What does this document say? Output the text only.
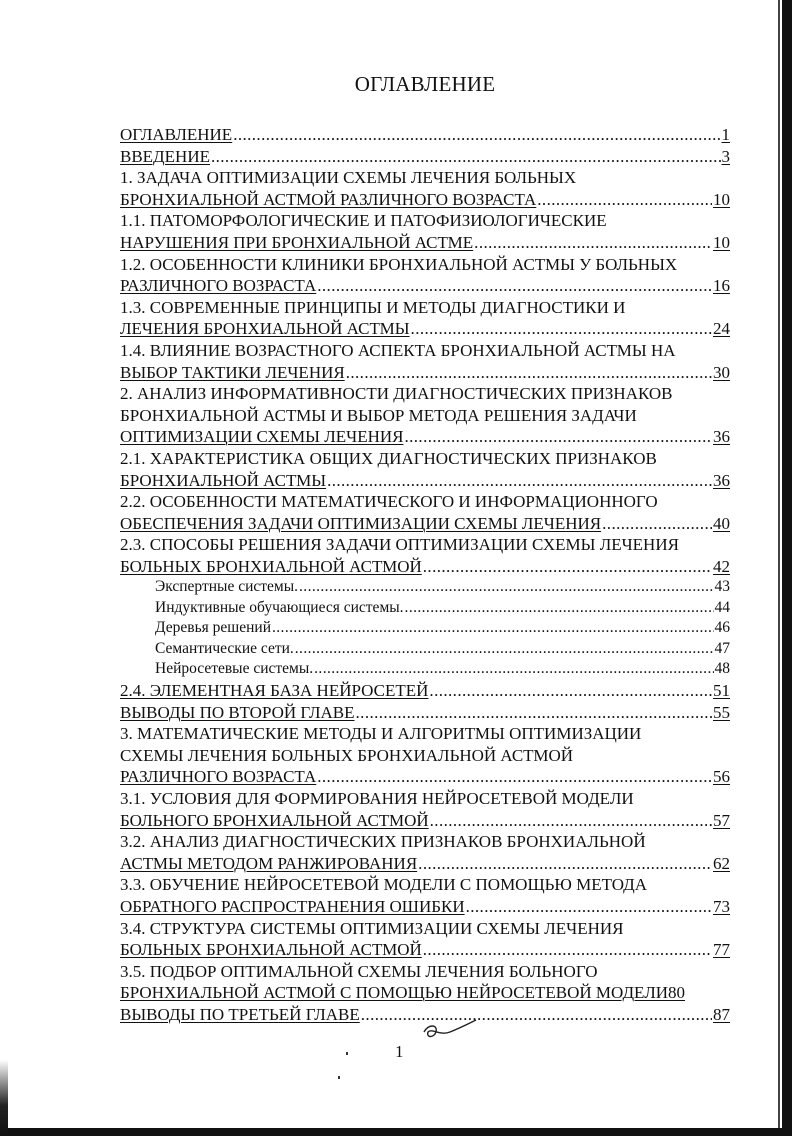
ОГЛАВЛЕНИЕ
ОГЛАВЛЕНИЕ .....	1
ВВЕДЕНИЕ .....	3
1. ЗАДАЧА ОПТИМИЗАЦИИ СХЕМЫ ЛЕЧЕНИЯ БОЛЬНЫХ
БРОНХИАЛЬНОЙ АСТМОЙ РАЗЛИЧНОГО ВОЗРАСТА .....	10
1.1. ПАТОМОРФОЛОГИЧЕСКИЕ И ПАТОФИЗИОЛОГИЧЕСКИЕ
НАРУШЕНИЯ ПРИ БРОНХИАЛЬНОЙ АСТМЕ .....	10
1.2. ОСОБЕННОСТИ КЛИНИКИ БРОНХИАЛЬНОЙ АСТМЫ У БОЛЬНЫХ
РАЗЛИЧНОГО ВОЗРАСТА .....	16
1.3. СОВРЕМЕННЫЕ ПРИНЦИПЫ И МЕТОДЫ ДИАГНОСТИКИ И
ЛЕЧЕНИЯ БРОНХИАЛЬНОЙ АСТМЫ .....	24
1.4. ВЛИЯНИЕ ВОЗРАСТНОГО АСПЕКТА БРОНХИАЛЬНОЙ АСТМЫ НА
ВЫБОР ТАКТИКИ ЛЕЧЕНИЯ .....	30
2. АНАЛИЗ ИНФОРМАТИВНОСТИ ДИАГНОСТИЧЕСКИХ ПРИЗНАКОВ
БРОНХИАЛЬНОЙ АСТМЫ И ВЫБОР МЕТОДА РЕШЕНИЯ ЗАДАЧИ
ОПТИМИЗАЦИИ СХЕМЫ ЛЕЧЕНИЯ .....	36
2.1. ХАРАКТЕРИСТИКА ОБЩИХ ДИАГНОСТИЧЕСКИХ ПРИЗНАКОВ
БРОНХИАЛЬНОЙ АСТМЫ .....	36
2.2. ОСОБЕННОСТИ МАТЕМАТИЧЕСКОГО И ИНФОРМАЦИОННОГО
ОБЕСПЕЧЕНИЯ ЗАДАЧИ ОПТИМИЗАЦИИ СХЕМЫ ЛЕЧЕНИЯ .....	40
2.3. СПОСОБЫ РЕШЕНИЯ ЗАДАЧИ ОПТИМИЗАЦИИ СХЕМЫ ЛЕЧЕНИЯ
БОЛЬНЫХ БРОНХИАЛЬНОЙ АСТМОЙ .....	42
Экспертные системы. .....	43
Индуктивные обучающиеся системы. .....	44
Деревья решений .....	46
Семантические сети. .....	47
Нейросетевые системы. .....	48
2.4. ЭЛЕМЕНТНАЯ БАЗА НЕЙРОСЕТЕЙ .....	51
ВЫВОДЫ ПО ВТОРОЙ ГЛАВЕ .....	55
3. МАТЕМАТИЧЕСКИЕ МЕТОДЫ И АЛГОРИТМЫ ОПТИМИЗАЦИИ
СХЕМЫ ЛЕЧЕНИЯ БОЛЬНЫХ БРОНХИАЛЬНОЙ АСТМОЙ
РАЗЛИЧНОГО ВОЗРАСТА .....	56
3.1. УСЛОВИЯ ДЛЯ ФОРМИРОВАНИЯ НЕЙРОСЕТЕВОЙ МОДЕЛИ
БОЛЬНОГО БРОНХИАЛЬНОЙ АСТМОЙ .....	57
3.2. АНАЛИЗ ДИАГНОСТИЧЕСКИХ ПРИЗНАКОВ БРОНХИАЛЬНОЙ
АСТМЫ МЕТОДОМ РАНЖИРОВАНИЯ .....	62
3.3. ОБУЧЕНИЕ НЕЙРОСЕТЕВОЙ МОДЕЛИ С ПОМОЩЬЮ МЕТОДА
ОБРАТНОГО РАСПРОСТРАНЕНИЯ ОШИБКИ .....	73
3.4. СТРУКТУРА СИСТЕМЫ ОПТИМИЗАЦИИ СХЕМЫ ЛЕЧЕНИЯ
БОЛЬНЫХ БРОНХИАЛЬНОЙ АСТМОЙ .....	77
3.5. ПОДБОР ОПТИМАЛЬНОЙ СХЕМЫ ЛЕЧЕНИЯ БОЛЬНОГО
БРОНХИАЛЬНОЙ АСТМОЙ С ПОМОЩЬЮ НЕЙРОСЕТЕВОЙ МОДЕЛИ 80
ВЫВОДЫ ПО ТРЕТЬЕЙ ГЛАВЕ .....	87
1
